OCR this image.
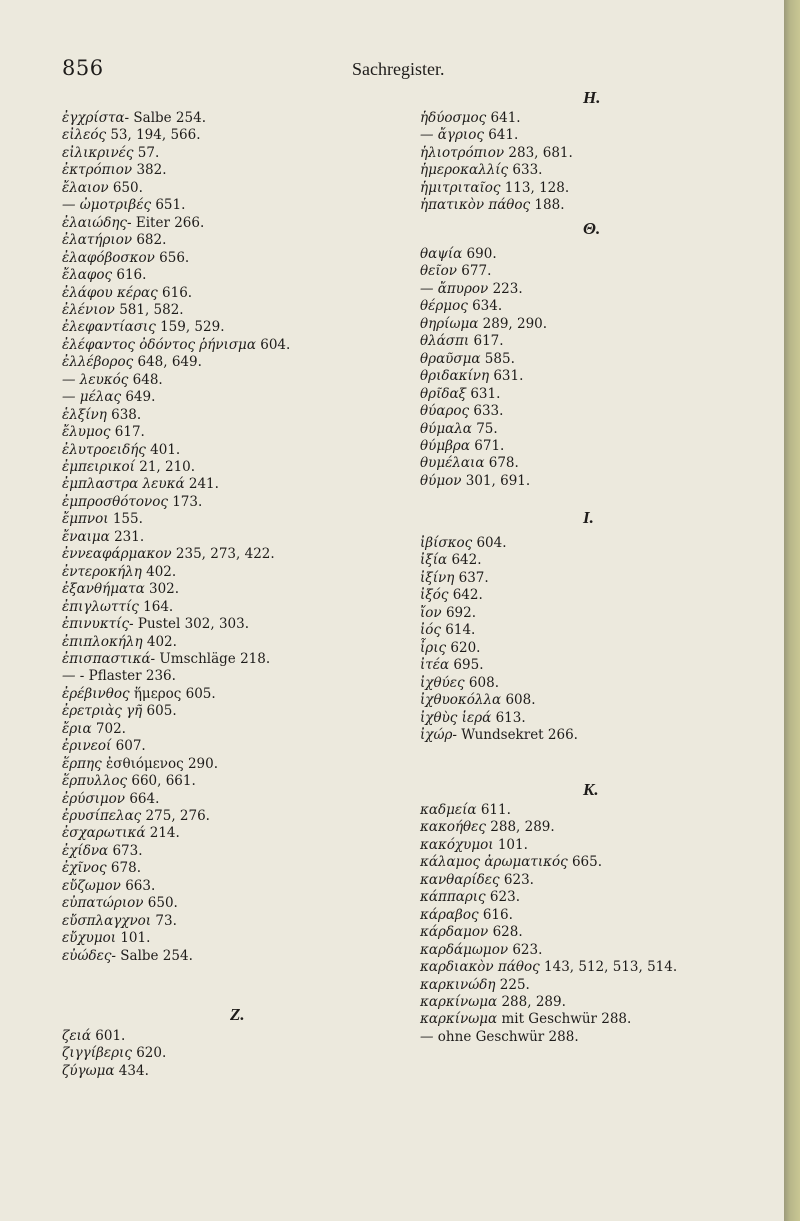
856	Sachregister.
ἐγχρίστα- Salbe 254.
εἰλεός 53, 194, 566.
εἰλικρινές 57.
ἐκτρόπιον 382.
ἔλαιον 650.
— ὠμοτριβές 651.
ἐλαιώδης- Eiter 266.
ἐλατήριον 682.
ἐλαφόβοσκον 656.
ἔλαφος 616.
ἐλάφου κέρας 616.
ἐλένιον 581, 582.
ἐλεφαντίασις 159, 529.
ἐλέφαντος ὀδόντος ῥήνισμα 604.
ἐλλέβορος 648, 649.
— λευκός 648.
— μέλας 649.
ἑλξίνη 638.
ἔλυμος 617.
ἐλυτροειδής 401.
ἐμπειρικοί 21, 210.
ἐμπλαστρα λευκά 241.
ἐμπροσθότονος 173.
ἔμπνοι 155.
ἔναιμα 231.
ἐννεαφάρμακον 235, 273, 422.
ἐντεροκήλη 402.
ἐξανθήματα 302.
ἐπιγλωττίς 164.
ἐπινυκτίς- Pustel 302, 303.
ἐπιπλοκήλη 402.
ἐπισπαστικά- Umschläge 218.
— - Pflaster 236.
ἐρέβινθος ἥμερος 605.
ἐρετριὰς γῆ 605.
ἔρια 702.
ἐρινεοί 607.
ἕρπης ἐσθιόμενος 290.
ἕρπυλλος 660, 661.
ἐρύσιμον 664.
ἐρυσίπελας 275, 276.
ἐσχαρωτικά 214.
ἐχίδνα 673.
ἐχῖνος 678.
εὔζωμον 663.
εὐπατώριον 650.
εὔσπλαγχνοι 73.
εὔχυμοι 101.
εὐώδες- Salbe 254.
Z.
ζειά 601.
ζιγγίβερις 620.
ζύγωμα 434.
H.
ἡδύοσμος 641.
— ἄγριος 641.
ἡλιοτρόπιον 283, 681.
ἡμεροκαλλίς 633.
ἡμιτριταῖος 113, 128.
ἡπατικὸν πάθος 188.
Θ.
θαψία 690.
θεῖον 677.
— ἄπυρον 223.
θέρμος 634.
θηρίωμα 289, 290.
θλάσπι 617.
θραῦσμα 585.
θριδακίνη 631.
θρῖδαξ 631.
θύαρος 633.
θύμαλα 75.
θύμβρα 671.
θυμέλαια 678.
θύμον 301, 691.
I.
ἰβίσκος 604.
ἰξία 642.
ἰξίνη 637.
ἰξός 642.
ἴον 692.
ἰός 614.
ἶρις 620.
ἰτέα 695.
ἰχθύες 608.
ἰχθυοκόλλα 608.
ἰχθὺς ἱερά 613.
ἰχώρ- Wundsekret 266.
K.
καδμεία 611.
κακοήθες 288, 289.
κακόχυμοι 101.
κάλαμος ἀρωματικός 665.
κανθαρίδες 623.
κάππαρις 623.
κάραβος 616.
κάρδαμον 628.
καρδάμωμον 623.
καρδιακὸν πάθος 143, 512, 513, 514.
καρκινώδη 225.
καρκίνωμα 288, 289.
καρκίνωμα mit Geschwür 288.
— ohne Geschwür 288.
